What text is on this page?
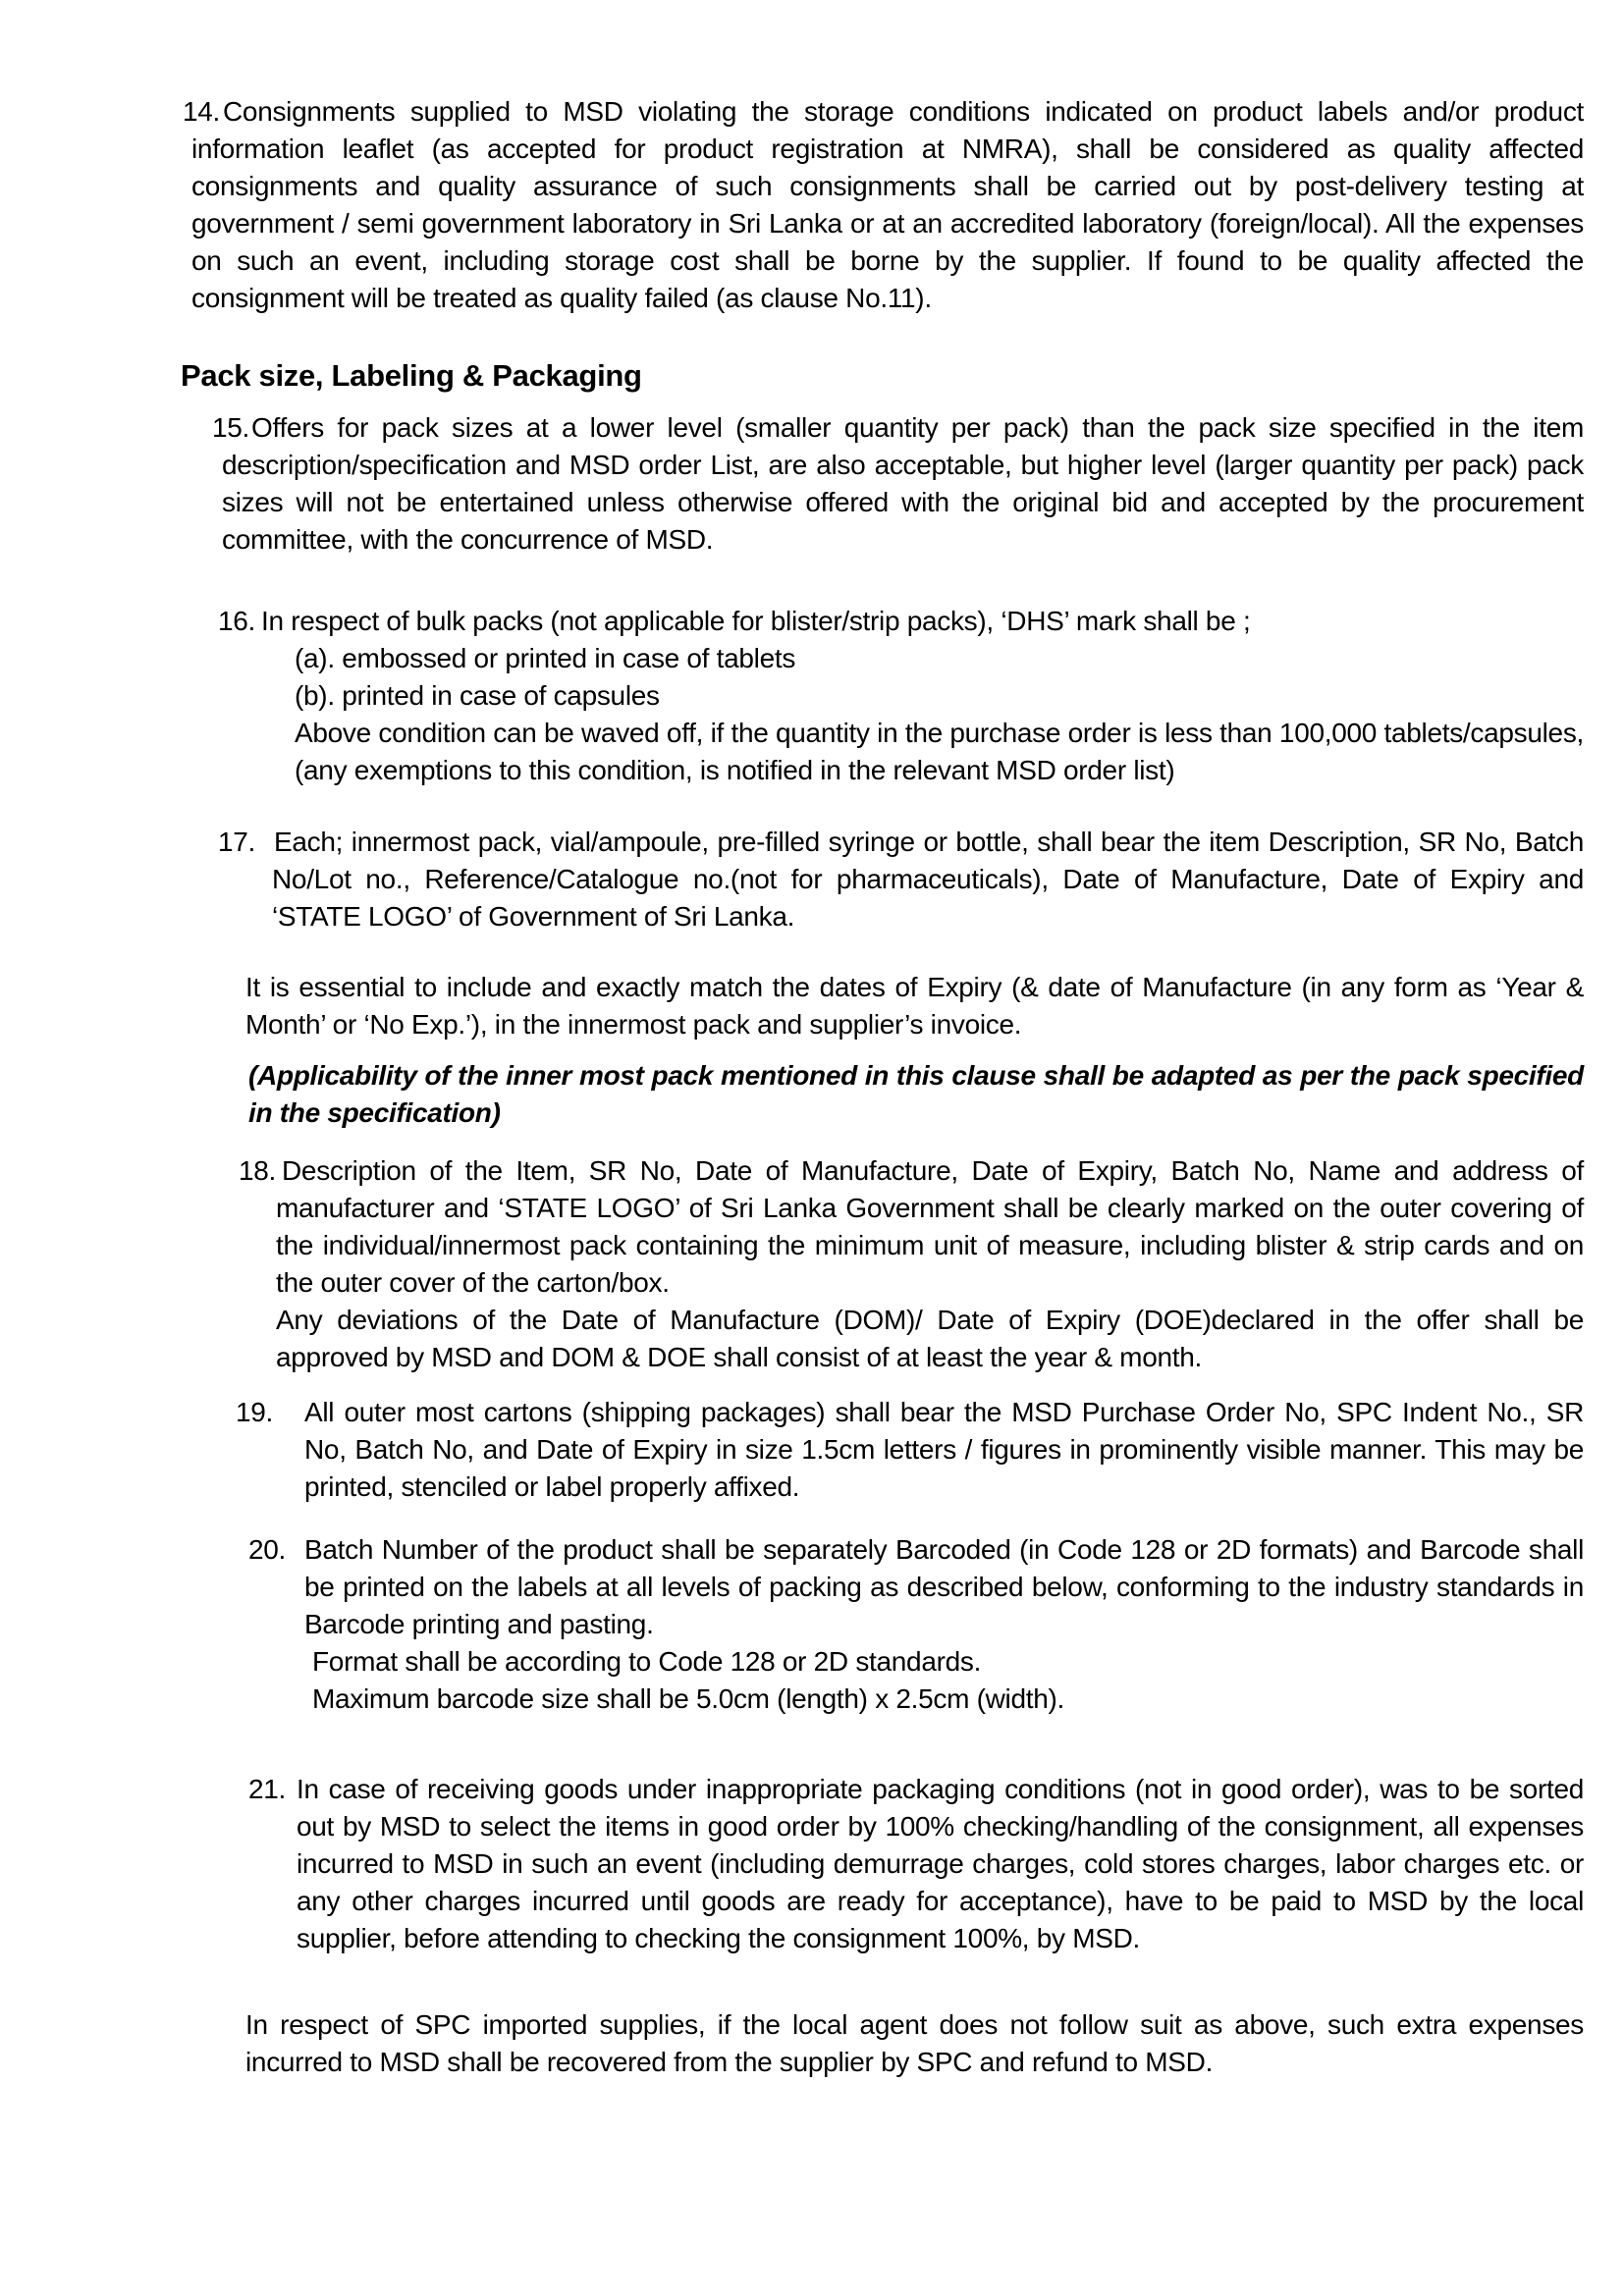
14. Consignments supplied to MSD violating the storage conditions indicated on product labels and/or product information leaflet (as accepted for product registration at NMRA), shall be considered as quality affected consignments and quality assurance of such consignments shall be carried out by post-delivery testing at government / semi government laboratory in Sri Lanka or at an accredited laboratory (foreign/local). All the expenses on such an event, including storage cost shall be borne by the supplier. If found to be quality affected the consignment will be treated as quality failed (as clause No.11).
Pack size, Labeling & Packaging
15. Offers for pack sizes at a lower level (smaller quantity per pack) than the pack size specified in the item description/specification and MSD order List, are also acceptable, but higher level (larger quantity per pack) pack sizes will not be entertained unless otherwise offered with the original bid and accepted by the procurement committee, with the concurrence of MSD.
16. In respect of bulk packs (not applicable for blister/strip packs), ‘DHS’ mark shall be ;
(a). embossed or printed in case of tablets
(b). printed in case of capsules
Above condition can be waved off, if the quantity in the purchase order is less than 100,000 tablets/capsules, (any exemptions to this condition, is notified in the relevant MSD order list)
17. Each; innermost pack, vial/ampoule, pre-filled syringe or bottle, shall bear the item Description, SR No, Batch No/Lot no., Reference/Catalogue no.(not for pharmaceuticals), Date of Manufacture, Date of Expiry and ‘STATE LOGO’ of Government of Sri Lanka.
It is essential to include and exactly match the dates of Expiry (& date of Manufacture (in any form as ‘Year & Month’ or ‘No Exp.’), in the innermost pack and supplier’s invoice.
(Applicability of the inner most pack mentioned in this clause shall be adapted as per the pack specified in the specification)
18. Description of the Item, SR No, Date of Manufacture, Date of Expiry, Batch No, Name and address of manufacturer and ‘STATE LOGO’ of Sri Lanka Government shall be clearly marked on the outer covering of the individual/innermost pack containing the minimum unit of measure, including blister & strip cards and on the outer cover of the carton/box.
Any deviations of the Date of Manufacture (DOM)/ Date of Expiry (DOE)declared in the offer shall be approved by MSD and DOM & DOE shall consist of at least the year & month.
19. All outer most cartons (shipping packages) shall bear the MSD Purchase Order No, SPC Indent No., SR No, Batch No, and Date of Expiry in size 1.5cm letters / figures in prominently visible manner. This may be printed, stenciled or label properly affixed.
20. Batch Number of the product shall be separately Barcoded (in Code 128 or 2D formats) and Barcode shall be printed on the labels at all levels of packing as described below, conforming to the industry standards in Barcode printing and pasting.
Format shall be according to Code 128 or 2D standards.
Maximum barcode size shall be 5.0cm (length) x 2.5cm (width).
21. In case of receiving goods under inappropriate packaging conditions (not in good order), was to be sorted out by MSD to select the items in good order by 100% checking/handling of the consignment, all expenses incurred to MSD in such an event (including demurrage charges, cold stores charges, labor charges etc. or any other charges incurred until goods are ready for acceptance), have to be paid to MSD by the local supplier, before attending to checking the consignment 100%, by MSD.
In respect of SPC imported supplies, if the local agent does not follow suit as above, such extra expenses incurred to MSD shall be recovered from the supplier by SPC and refund to MSD.
